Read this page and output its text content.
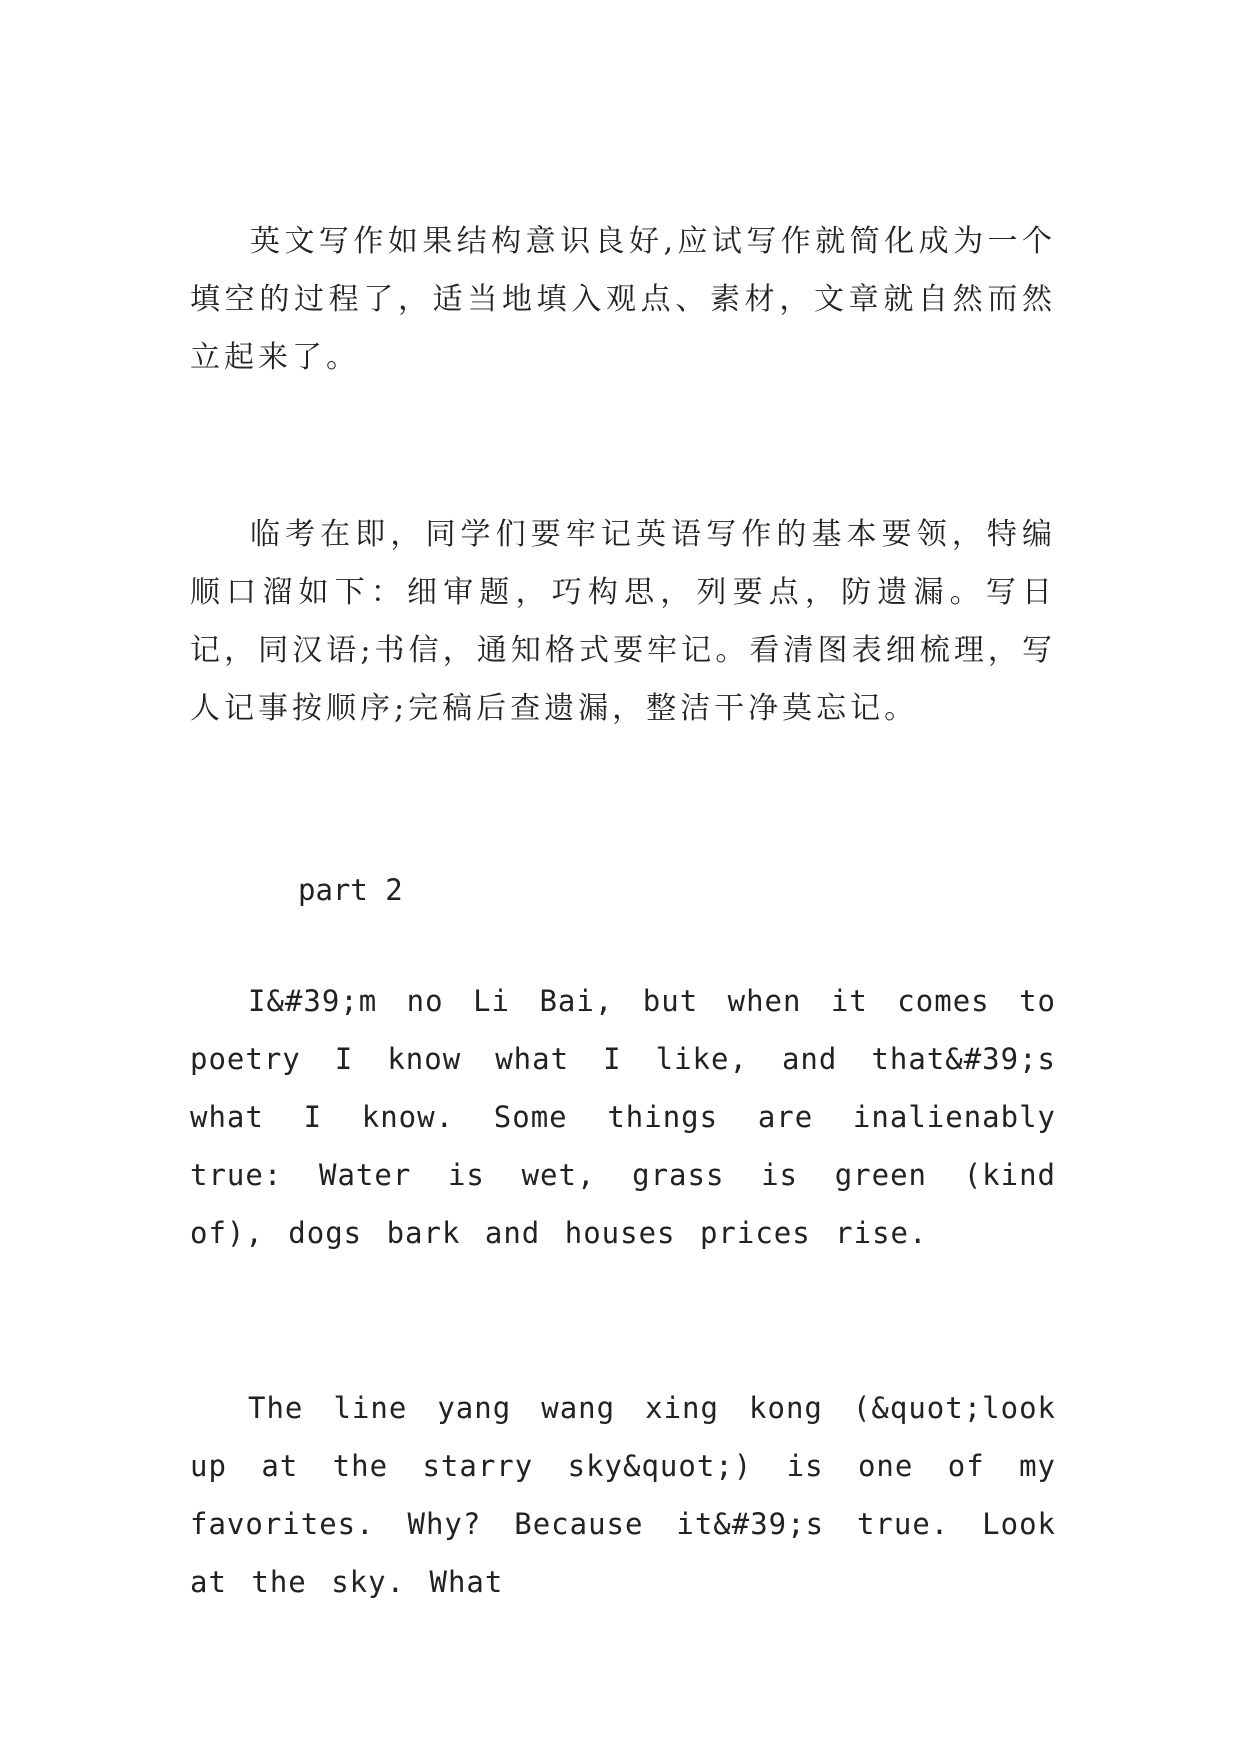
英文写作如果结构意识良好,应试写作就简化成为一个填空的过程了，适当地填入观点、素材，文章就自然而然立起来了。

临考在即，同学们要牢记英语写作的基本要领，特编顺口溜如下：细审题，巧构思，列要点，防遗漏。写日记，同汉语;书信，通知格式要牢记。看清图表细梳理，写人记事按顺序;完稿后查遗漏，整洁干净莫忘记。

part 2

I&#39;m no Li Bai, but when it comes to poetry I know what I like, and that&#39;s what I know. Some things are inalienably true: Water is wet, grass is green (kind of), dogs bark and houses prices rise.

The line yang wang xing kong (&quot;look up at the starry sky&quot;) is one of my favorites. Why? Because it&#39;s true. Look at the sky. What
